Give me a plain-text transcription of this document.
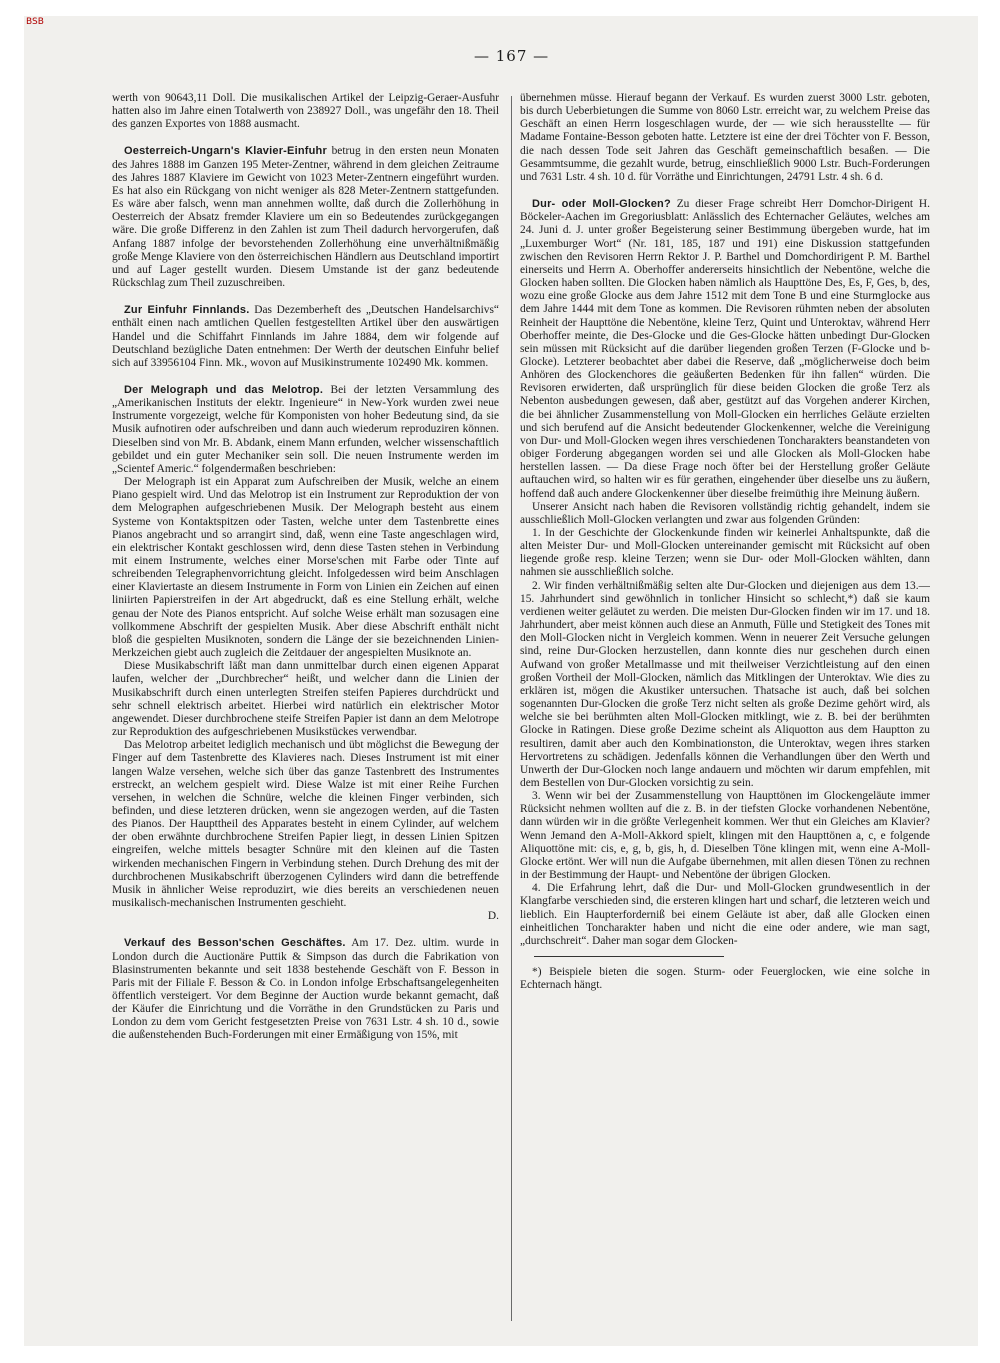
BSB
— 167 —

werth von 90643,11 Doll. Die musikalischen Artikel der Leipzig-Geraer-Ausfuhr hatten also im Jahre einen Totalwerth von 238927 Doll., was ungefähr den 18. Theil des ganzen Exportes von 1888 ausmacht.

Oesterreich-Ungarn's Klavier-Einfuhr betrug in den ersten neun Monaten des Jahres 1888 im Ganzen 195 Meter-Zentner, während in dem gleichen Zeitraume des Jahres 1887 Klaviere im Gewicht von 1023 Meter-Zentnern eingeführt wurden. Es hat also ein Rückgang von nicht weniger als 828 Meter-Zentnern stattgefunden. Es wäre aber falsch, wenn man annehmen wollte, daß durch die Zollerhöhung in Oesterreich der Absatz fremder Klaviere um ein so Bedeutendes zurückgegangen wäre. Die große Differenz in den Zahlen ist zum Theil dadurch hervorgerufen, daß Anfang 1887 infolge der bevorstehenden Zollerhöhung eine unverhältnißmäßig große Menge Klaviere von den österreichischen Händlern aus Deutschland importirt und auf Lager gestellt wurden. Diesem Umstande ist der ganz bedeutende Rückschlag zum Theil zuzuschreiben.

Zur Einfuhr Finnlands. Das Dezemberheft des „Deutschen Handelsarchivs“ enthält einen nach amtlichen Quellen festgestellten Artikel über den auswärtigen Handel und die Schiffahrt Finnlands im Jahre 1884, dem wir folgende auf Deutschland bezügliche Daten entnehmen: Der Werth der deutschen Einfuhr belief sich auf 33956104 Finn. Mk., wovon auf Musikinstrumente 102490 Mk. kommen.

Der Melograph und das Melotrop. Bei der letzten Versammlung des „Amerikanischen Instituts der elektr. Ingenieure“ in New-York wurden zwei neue Instrumente vorgezeigt, welche für Komponisten von hoher Bedeutung sind, da sie Musik aufnotiren oder aufschreiben und dann auch wiederum reproduziren können. Dieselben sind von Mr. B. Abdank, einem Mann erfunden, welcher wissenschaftlich gebildet und ein guter Mechaniker sein soll. Die neuen Instrumente werden im „Scientef Americ.“ folgendermaßen beschrieben:

Der Melograph ist ein Apparat zum Aufschreiben der Musik, welche an einem Piano gespielt wird. Und das Melotrop ist ein Instrument zur Reproduktion der von dem Melographen aufgeschriebenen Musik. Der Melograph besteht aus einem Systeme von Kontaktspitzen oder Tasten, welche unter dem Tastenbrette eines Pianos angebracht und so arrangirt sind, daß, wenn eine Taste angeschlagen wird, ein elektrischer Kontakt geschlossen wird, denn diese Tasten stehen in Verbindung mit einem Instrumente, welches einer Morse'schen mit Farbe oder Tinte auf schreibenden Telegraphenvorrichtung gleicht. Infolgedessen wird beim Anschlagen einer Klaviertaste an diesem Instrumente in Form von Linien ein Zeichen auf einen liniirten Papierstreifen in der Art abgedruckt, daß es eine Stellung erhält, welche genau der Note des Pianos entspricht. Auf solche Weise erhält man sozusagen eine vollkommene Abschrift der gespielten Musik. Aber diese Abschrift enthält nicht bloß die gespielten Musiknoten, sondern die Länge der sie bezeichnenden Linien-Merkzeichen giebt auch zugleich die Zeitdauer der angespielten Musiknote an.

Diese Musikabschrift läßt man dann unmittelbar durch einen eigenen Apparat laufen, welcher der „Durchbrecher“ heißt, und welcher dann die Linien der Musikabschrift durch einen unterlegten Streifen steifen Papieres durchdrückt und sehr schnell elektrisch arbeitet. Hierbei wird natürlich ein elektrischer Motor angewendet. Dieser durchbrochene steife Streifen Papier ist dann an dem Melotrope zur Reproduktion des aufgeschriebenen Musikstückes verwendbar.

Das Melotrop arbeitet lediglich mechanisch und übt möglichst die Bewegung der Finger auf dem Tastenbrette des Klavieres nach. Dieses Instrument ist mit einer langen Walze versehen, welche sich über das ganze Tastenbrett des Instrumentes erstreckt, an welchem gespielt wird. Diese Walze ist mit einer Reihe Furchen versehen, in welchen die Schnüre, welche die kleinen Finger verbinden, sich befinden, und diese letzteren drücken, wenn sie angezogen werden, auf die Tasten des Pianos. Der Haupttheil des Apparates besteht in einem Cylinder, auf welchem der oben erwähnte durchbrochene Streifen Papier liegt, in dessen Linien Spitzen eingreifen, welche mittels besagter Schnüre mit den kleinen auf die Tasten wirkenden mechanischen Fingern in Verbindung stehen. Durch Drehung des mit der durchbrochenen Musikabschrift überzogenen Cylinders wird dann die betreffende Musik in ähnlicher Weise reproduzirt, wie dies bereits an verschiedenen neuen musikalisch-mechanischen Instrumenten geschieht.

D.

Verkauf des Besson'schen Geschäftes. Am 17. Dez. ultim. wurde in London durch die Auctionäre Puttik & Simpson das durch die Fabrikation von Blasinstrumenten bekannte und seit 1838 bestehende Geschäft von F. Besson in Paris mit der Filiale F. Besson & Co. in London infolge Erbschaftsangelegenheiten öffentlich versteigert. Vor dem Beginne der Auction wurde bekannt gemacht, daß der Käufer die Einrichtung und die Vorräthe in den Grundstücken zu Paris und London zu dem vom Gericht festgesetzten Preise von 7631 Lstr. 4 sh. 10 d., sowie die außenstehenden Buch-Forderungen mit einer Ermäßigung von 15%, mit

übernehmen müsse. Hierauf begann der Verkauf. Es wurden zuerst 3000 Lstr. geboten, bis durch Ueberbietungen die Summe von 8060 Lstr. erreicht war, zu welchem Preise das Geschäft an einen Herrn losgeschlagen wurde, der — wie sich herausstellte — für Madame Fontaine-Besson geboten hatte. Letztere ist eine der drei Töchter von F. Besson, die nach dessen Tode seit Jahren das Geschäft gemeinschaftlich besaßen. — Die Gesammtsumme, die gezahlt wurde, betrug, einschließlich 9000 Lstr. Buch-Forderungen und 7631 Lstr. 4 sh. 10 d. für Vorräthe und Einrichtungen, 24791 Lstr. 4 sh. 6 d.

Dur- oder Moll-Glocken? Zu dieser Frage schreibt Herr Domchor-Dirigent H. Böckeler-Aachen im Gregoriusblatt: Anlässlich des Echternacher Geläutes, welches am 24. Juni d. J. unter großer Begeisterung seiner Bestimmung übergeben wurde, hat im „Luxemburger Wort“ (Nr. 181, 185, 187 und 191) eine Diskussion stattgefunden zwischen den Revisoren Herrn Rektor J. P. Barthel und Domchordirigent P. M. Barthel einerseits und Herrn A. Oberhoffer andererseits hinsichtlich der Nebentöne, welche die Glocken haben sollten. Die Glocken haben nämlich als Haupttöne Des, Es, F, Ges, b, des, wozu eine große Glocke aus dem Jahre 1512 mit dem Tone B und eine Sturmglocke aus dem Jahre 1444 mit dem Tone as kommen. Die Revisoren rühmten neben der absoluten Reinheit der Haupttöne die Nebentöne, kleine Terz, Quint und Unteroktav, während Herr Oberhoffer meinte, die Des-Glocke und die Ges-Glocke hätten unbedingt Dur-Glocken sein müssen mit Rücksicht auf die darüber liegenden großen Terzen (F-Glocke und b-Glocke). Letzterer beobachtet aber dabei die Reserve, daß „möglicherweise doch beim Anhören des Glockenchores die geäußerten Bedenken für ihn fallen“ würden. Die Revisoren erwiderten, daß ursprünglich für diese beiden Glocken die große Terz als Nebenton ausbedungen gewesen, daß aber, gestützt auf das Vorgehen anderer Kirchen, die bei ähnlicher Zusammenstellung von Moll-Glocken ein herrliches Geläute erzielten und sich berufend auf die Ansicht bedeutender Glockenkenner, welche die Vereinigung von Dur- und Moll-Glocken wegen ihres verschiedenen Toncharakters beanstandeten von obiger Forderung abgegangen worden sei und alle Glocken als Moll-Glocken habe herstellen lassen. — Da diese Frage noch öfter bei der Herstellung großer Geläute auftauchen wird, so halten wir es für gerathen, eingehender über dieselbe uns zu äußern, hoffend daß auch andere Glockenkenner über dieselbe freimüthig ihre Meinung äußern.

Unserer Ansicht nach haben die Revisoren vollständig richtig gehandelt, indem sie ausschließlich Moll-Glocken verlangten und zwar aus folgenden Gründen:

1. In der Geschichte der Glockenkunde finden wir keinerlei Anhaltspunkte, daß die alten Meister Dur- und Moll-Glocken untereinander gemischt mit Rücksicht auf oben liegende große resp. kleine Terzen; wenn sie Dur- oder Moll-Glocken wählten, dann nahmen sie ausschließlich solche.

2. Wir finden verhältnißmäßig selten alte Dur-Glocken und diejenigen aus dem 13.—15. Jahrhundert sind gewöhnlich in tonlicher Hinsicht so schlecht,*) daß sie kaum verdienen weiter geläutet zu werden. Die meisten Dur-Glocken finden wir im 17. und 18. Jahrhundert, aber meist können auch diese an Anmuth, Fülle und Stetigkeit des Tones mit den Moll-Glocken nicht in Vergleich kommen. Wenn in neuerer Zeit Versuche gelungen sind, reine Dur-Glocken herzustellen, dann konnte dies nur geschehen durch einen Aufwand von großer Metallmasse und mit theilweiser Verzichtleistung auf den einen großen Vortheil der Moll-Glocken, nämlich das Mitklingen der Unteroktav. Wie dies zu erklären ist, mögen die Akustiker untersuchen. Thatsache ist auch, daß bei solchen sogenannten Dur-Glocken die große Terz nicht selten als große Dezime gehört wird, als welche sie bei berühmten alten Moll-Glocken mitklingt, wie z. B. bei der berühmten Glocke in Ratingen. Diese große Dezime scheint als Aliquotton aus dem Hauptton zu resultiren, damit aber auch den Kombinationston, die Unteroktav, wegen ihres starken Hervortretens zu schädigen. Jedenfalls können die Verhandlungen über den Werth und Unwerth der Dur-Glocken noch lange andauern und möchten wir darum empfehlen, mit dem Bestellen von Dur-Glocken vorsichtig zu sein.

3. Wenn wir bei der Zusammenstellung von Haupttönen im Glockengeläute immer Rücksicht nehmen wollten auf die z. B. in der tiefsten Glocke vorhandenen Nebentöne, dann würden wir in die größte Verlegenheit kommen. Wer thut ein Gleiches am Klavier? Wenn Jemand den A-Moll-Akkord spielt, klingen mit den Haupttönen a, c, e folgende Aliquottöne mit: cis, e, g, b, gis, h, d. Dieselben Töne klingen mit, wenn eine A-Moll-Glocke ertönt. Wer will nun die Aufgabe übernehmen, mit allen diesen Tönen zu rechnen in der Bestimmung der Haupt- und Nebentöne der übrigen Glocken.

4. Die Erfahrung lehrt, daß die Dur- und Moll-Glocken grundwesentlich in der Klangfarbe verschieden sind, die ersteren klingen hart und scharf, die letzteren weich und lieblich. Ein Haupterforderniß bei einem Geläute ist aber, daß alle Glocken einen einheitlichen Toncharakter haben und nicht die eine oder andere, wie man sagt, „durchschreit“. Daher man sogar dem Glocken-

*) Beispiele bieten die sogen. Sturm- oder Feuerglocken, wie eine solche in Echternach hängt.
